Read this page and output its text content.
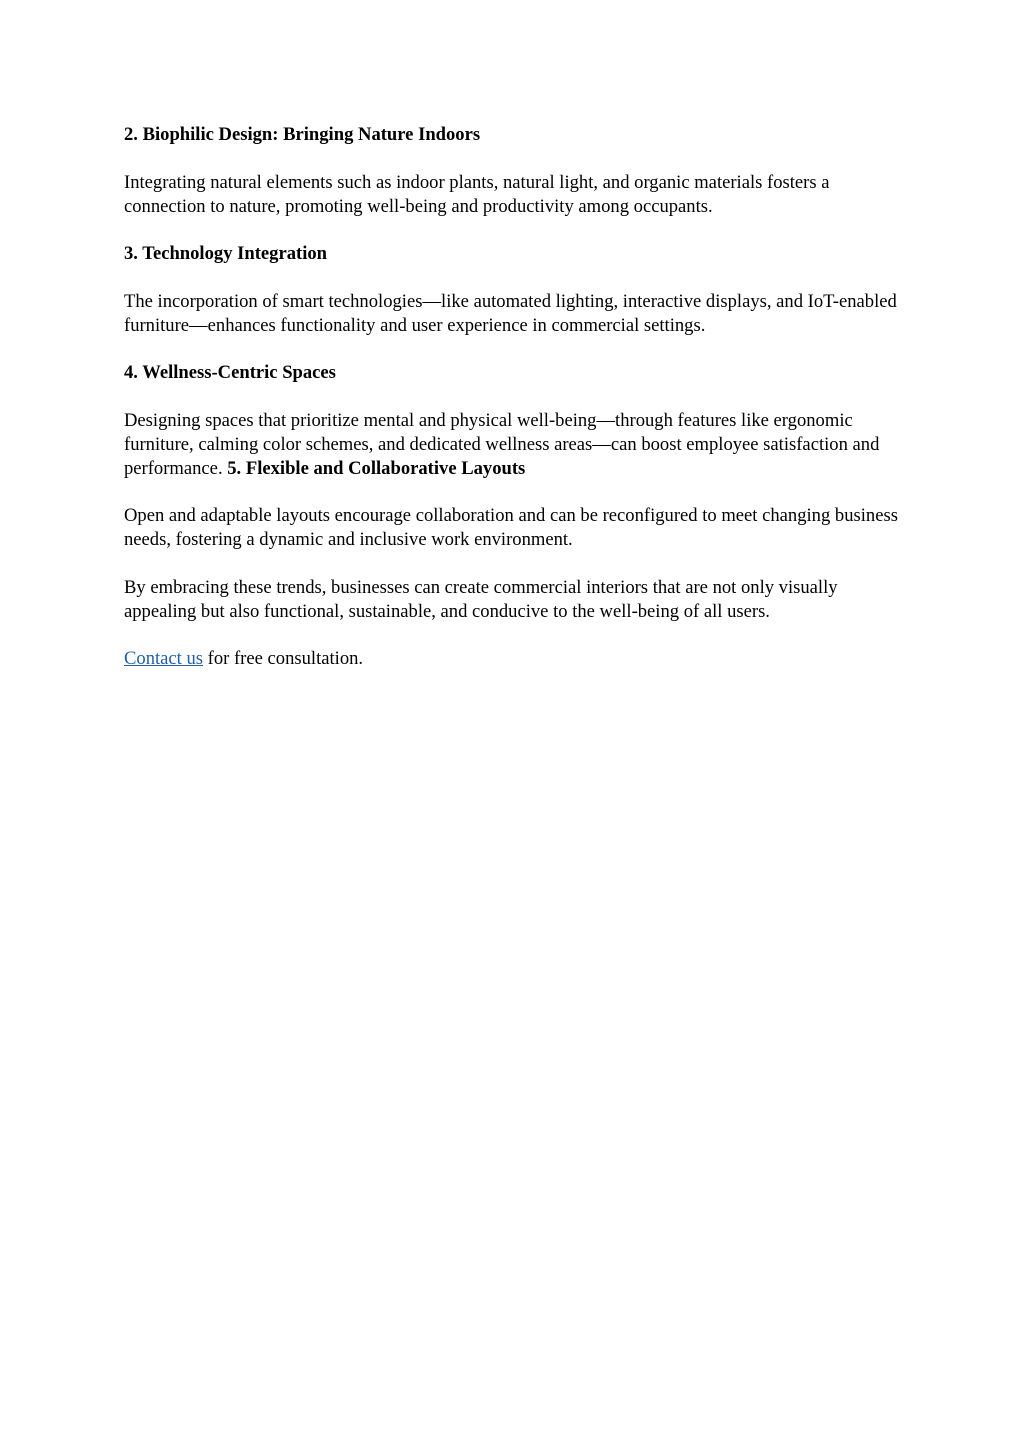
2. Biophilic Design: Bringing Nature Indoors

Integrating natural elements such as indoor plants, natural light, and organic materials fosters a connection to nature, promoting well-being and productivity among occupants.

3. Technology Integration

The incorporation of smart technologies—like automated lighting, interactive displays, and IoT-enabled furniture—enhances functionality and user experience in commercial settings.

4. Wellness-Centric Spaces

Designing spaces that prioritize mental and physical well-being—through features like ergonomic furniture, calming color schemes, and dedicated wellness areas—can boost employee satisfaction and performance. 5. Flexible and Collaborative Layouts

Open and adaptable layouts encourage collaboration and can be reconfigured to meet changing business needs, fostering a dynamic and inclusive work environment.

By embracing these trends, businesses can create commercial interiors that are not only visually appealing but also functional, sustainable, and conducive to the well-being of all users.

Contact us for free consultation.
